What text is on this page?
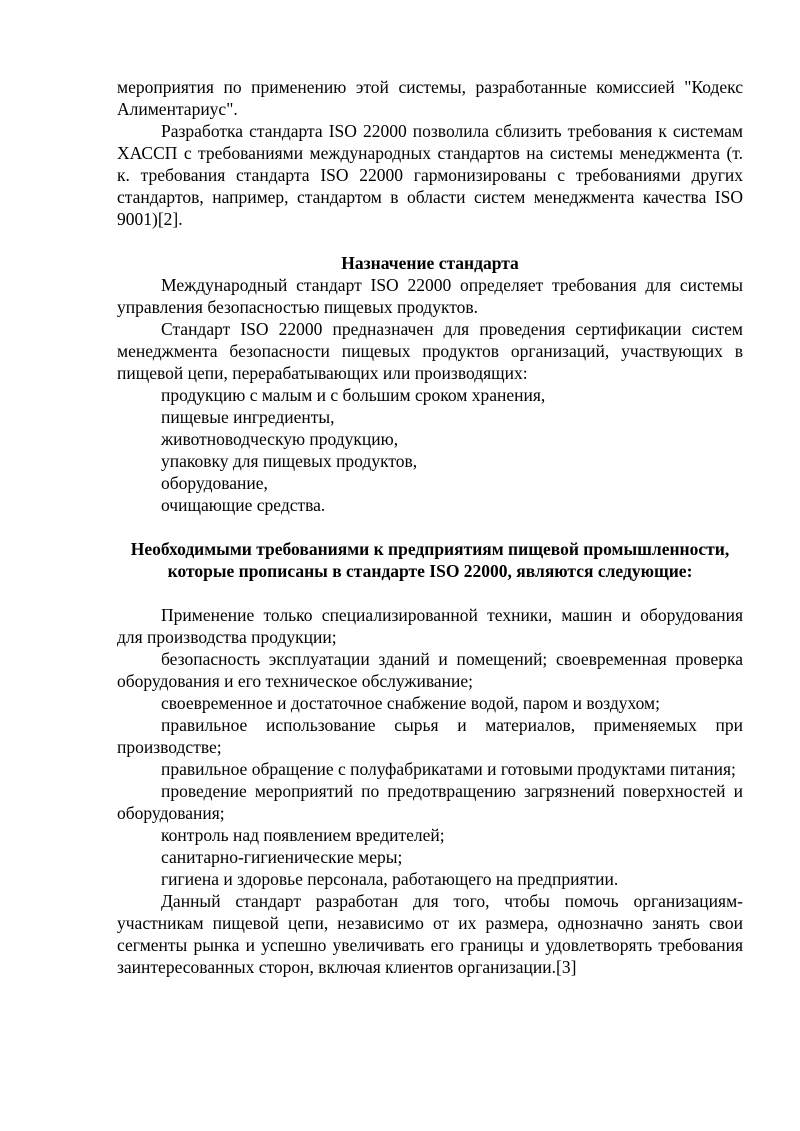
мероприятия по применению этой системы, разработанные комиссией "Кодекс Алиментариус".

Разработка стандарта ISO 22000 позволила сблизить требования к системам ХАССП с требованиями международных стандартов на системы менеджмента (т. к. требования стандарта ISO 22000 гармонизированы с требованиями других стандартов, например, стандартом в области систем менеджмента качества ISO 9001)[2].

Назначение стандарта

Международный стандарт ISO 22000 определяет требования для системы управления безопасностью пищевых продуктов.

Стандарт ISO 22000 предназначен для проведения сертификации систем менеджмента безопасности пищевых продуктов организаций, участвующих в пищевой цепи, перерабатывающих или производящих:

продукцию с малым и с большим сроком хранения,

пищевые ингредиенты,

животноводческую продукцию,

упаковку для пищевых продуктов,

оборудование,

очищающие средства.

Необходимыми требованиями к предприятиям пищевой промышленности, которые прописаны в стандарте ISO 22000, являются следующие:

Применение только специализированной техники, машин и оборудования для производства продукции;

безопасность эксплуатации зданий и помещений; своевременная проверка оборудования и его техническое обслуживание;

своевременное и достаточное снабжение водой, паром и воздухом;

правильное использование сырья и материалов, применяемых при производстве;

правильное обращение с полуфабрикатами и готовыми продуктами питания;

проведение мероприятий по предотвращению загрязнений поверхностей и оборудования;

контроль над появлением вредителей;

санитарно-гигиенические меры;

гигиена и здоровье персонала, работающего на предприятии.

Данный стандарт разработан для того, чтобы помочь организациям-участникам пищевой цепи, независимо от их размера, однозначно занять свои сегменты рынка и успешно увеличивать его границы и удовлетворять требования заинтересованных сторон, включая клиентов организации.[3]
